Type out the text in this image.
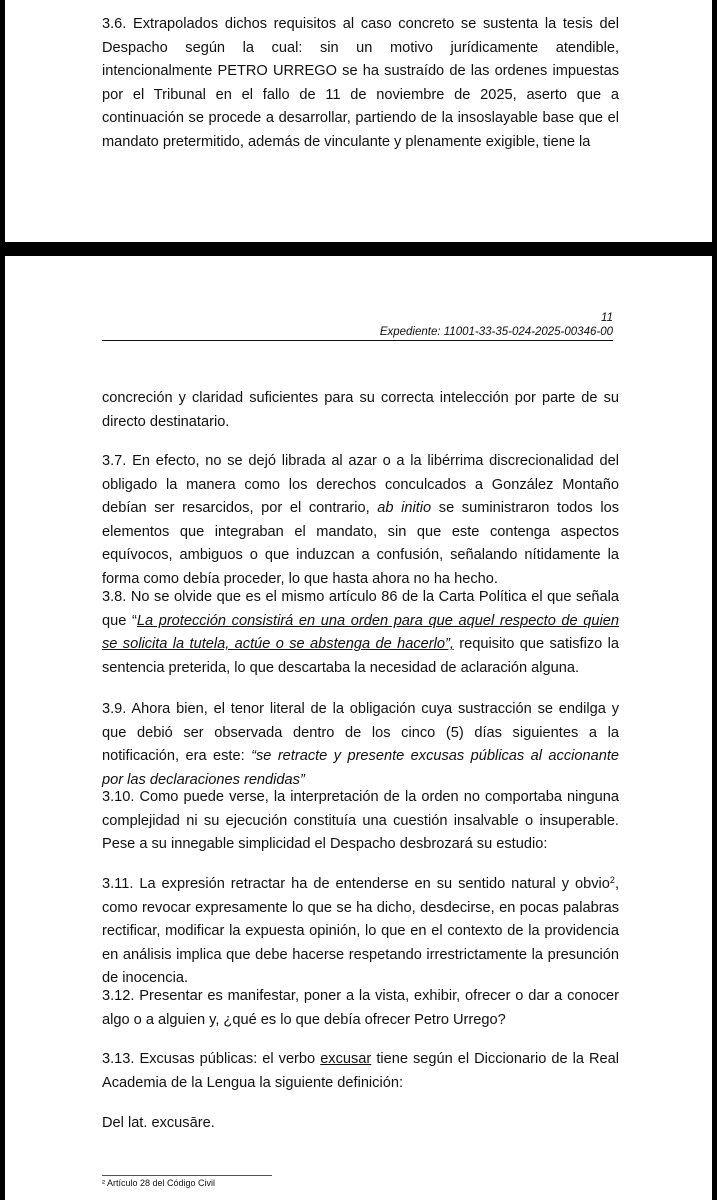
3.6. Extrapolados dichos requisitos al caso concreto se sustenta la tesis del Despacho según la cual: sin un motivo jurídicamente atendible, intencionalmente PETRO URREGO se ha sustraído de las ordenes impuestas por el Tribunal en el fallo de 11 de noviembre de 2025, aserto que a continuación se procede a desarrollar, partiendo de la insoslayable base que el mandato pretermitido, además de vinculante y plenamente exigible, tiene la

11
Expediente: 11001-33-35-024-2025-00346-00

concreción y claridad suficientes para su correcta intelección por parte de su directo destinatario.

3.7. En efecto, no se dejó librada al azar o a la libérrima discrecionalidad del obligado la manera como los derechos conculcados a González Montaño debían ser resarcidos, por el contrario, ab initio se suministraron todos los elementos que integraban el mandato, sin que este contenga aspectos equívocos, ambiguos o que induzcan a confusión, señalando nítidamente la forma como debía proceder, lo que hasta ahora no ha hecho.

3.8. No se olvide que es el mismo artículo 86 de la Carta Política el que señala que “La protección consistirá en una orden para que aquel respecto de quien se solicita la tutela, actúe o se abstenga de hacerlo”, requisito que satisfizo la sentencia preterida, lo que descartaba la necesidad de aclaración alguna.

3.9. Ahora bien, el tenor literal de la obligación cuya sustracción se endilga y que debió ser observada dentro de los cinco (5) días siguientes a la notificación, era este: “se retracte y presente excusas públicas al accionante por las declaraciones rendidas”

3.10. Como puede verse, la interpretación de la orden no comportaba ninguna complejidad ni su ejecución constituía una cuestión insalvable o insuperable. Pese a su innegable simplicidad el Despacho desbrozará su estudio:

3.11. La expresión retractar ha de entenderse en su sentido natural y obvio$^2$, como revocar expresamente lo que se ha dicho, desdecirse, en pocas palabras rectificar, modificar la expuesta opinión, lo que en el contexto de la providencia en análisis implica que debe hacerse respetando irrestrictamente la presunción de inocencia.

3.12. Presentar es manifestar, poner a la vista, exhibir, ofrecer o dar a conocer algo o a alguien y, ¿qué es lo que debía ofrecer Petro Urrego?

3.13. Excusas públicas: el verbo excusar tiene según el Diccionario de la Real Academia de la Lengua la siguiente definición:

Del lat. excusāre.

² Artículo 28 del Código Civil
